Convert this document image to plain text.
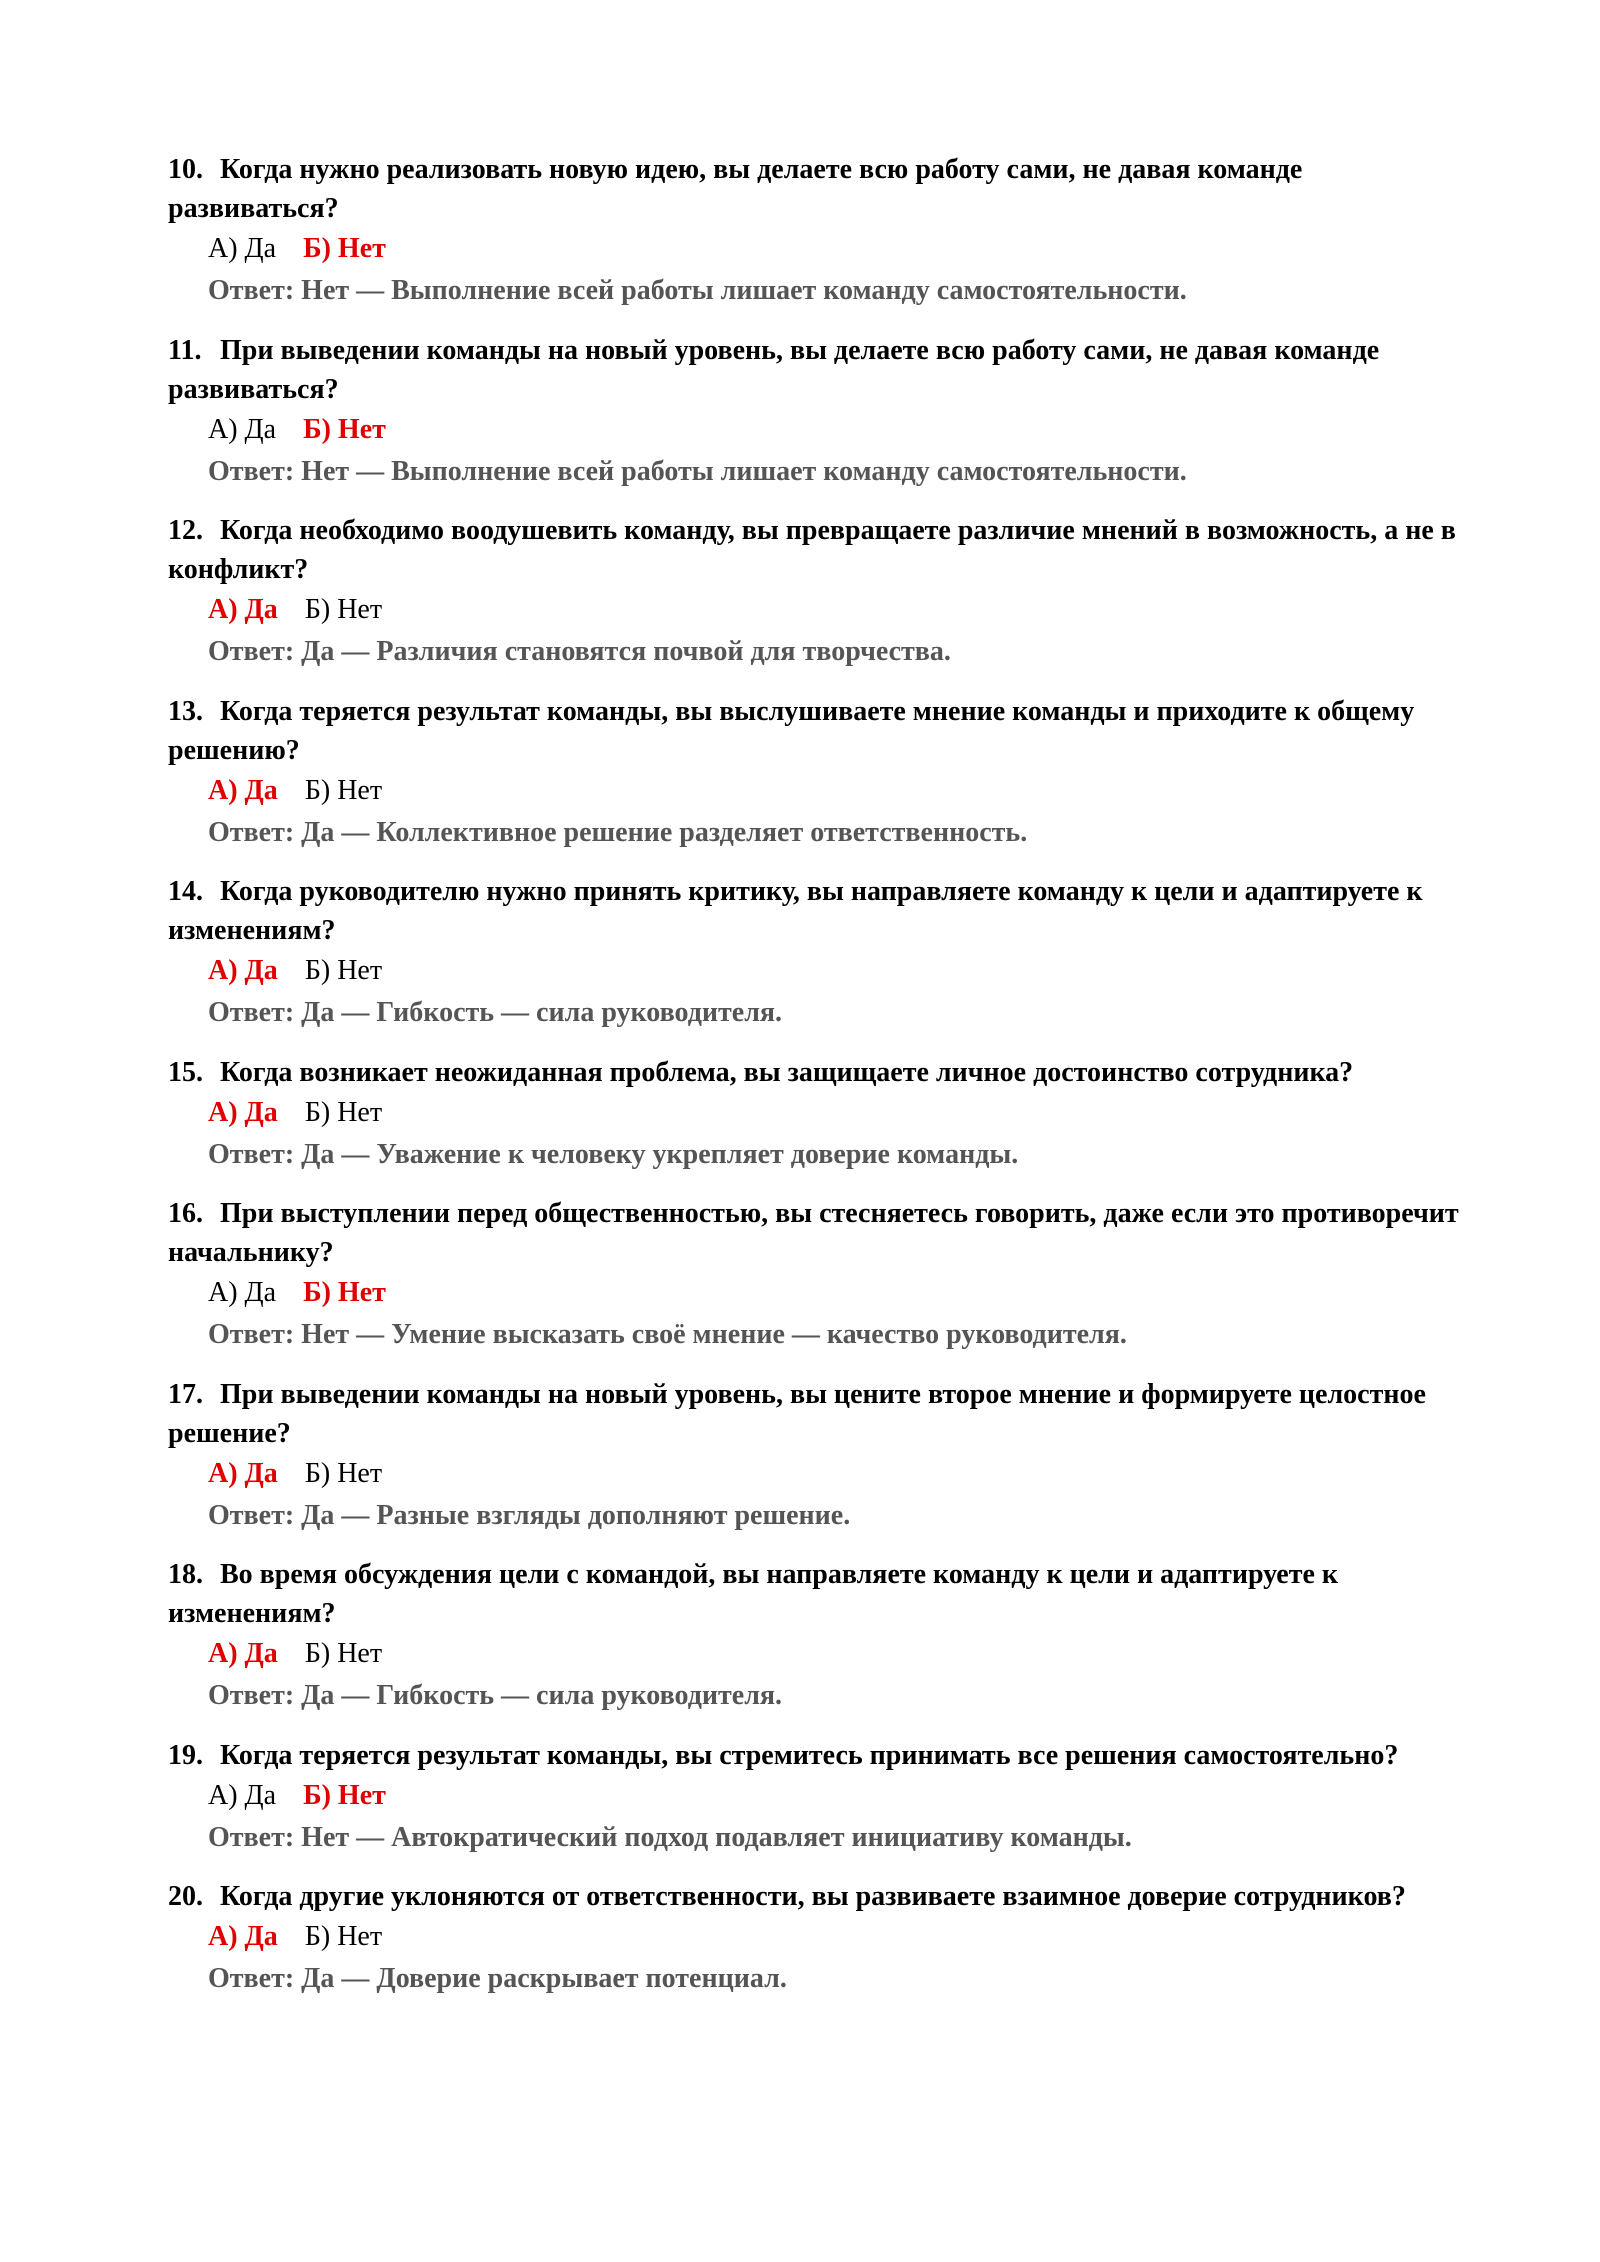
10. Когда нужно реализовать новую идею, вы делаете всю работу сами, не давая команде развиваться?

А) Да Б) Нет
Ответ: Нет — Выполнение всей работы лишает команду самостоятельности.

11. При выведении команды на новый уровень, вы делаете всю работу сами, не давая команде развиваться?

А) Да Б) Нет
Ответ: Нет — Выполнение всей работы лишает команду самостоятельности.

12. Когда необходимо воодушевить команду, вы превращаете различие мнений в возможность, а не в конфликт?

А) Да Б) Нет
Ответ: Да — Различия становятся почвой для творчества.

13. Когда теряется результат команды, вы выслушиваете мнение команды и приходите к общему решению?

А) Да Б) Нет
Ответ: Да — Коллективное решение разделяет ответственность.

14. Когда руководителю нужно принять критику, вы направляете команду к цели и адаптируете к изменениям?

А) Да Б) Нет
Ответ: Да — Гибкость — сила руководителя.

15. Когда возникает неожиданная проблема, вы защищаете личное достоинство сотрудника?

А) Да Б) Нет
Ответ: Да — Уважение к человеку укрепляет доверие команды.

16. При выступлении перед общественностью, вы стесняетесь говорить, даже если это противоречит начальнику?

А) Да Б) Нет
Ответ: Нет — Умение высказать своё мнение — качество руководителя.

17. При выведении команды на новый уровень, вы цените второе мнение и формируете целостное решение?

А) Да Б) Нет
Ответ: Да — Разные взгляды дополняют решение.

18. Во время обсуждения цели с командой, вы направляете команду к цели и адаптируете к изменениям?

А) Да Б) Нет
Ответ: Да — Гибкость — сила руководителя.

19. Когда теряется результат команды, вы стремитесь принимать все решения самостоятельно?

А) Да Б) Нет
Ответ: Нет — Автократический подход подавляет инициативу команды.

20. Когда другие уклоняются от ответственности, вы развиваете взаимное доверие сотрудников?

А) Да Б) Нет
Ответ: Да — Доверие раскрывает потенциал.
